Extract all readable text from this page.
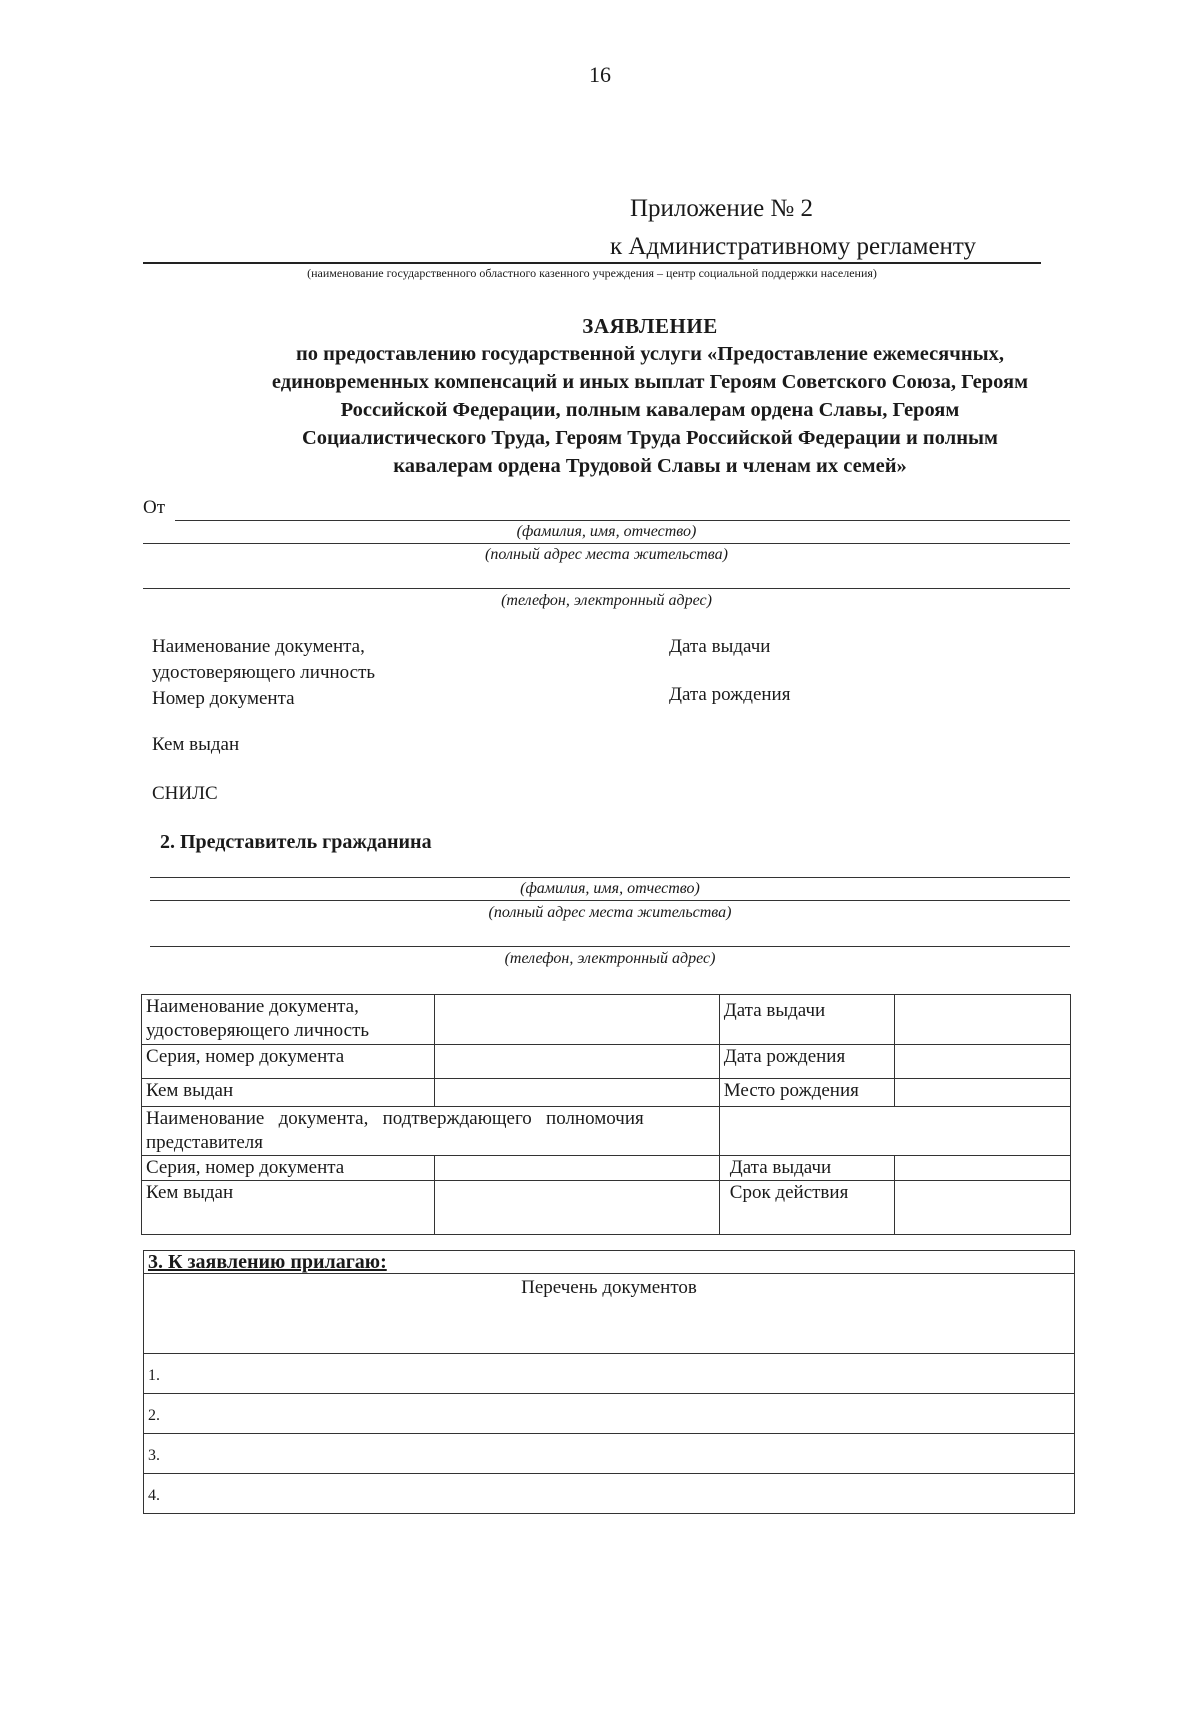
16
Приложение № 2
к Административному регламенту
(наименование государственного областного казенного учреждения – центр социальной поддержки населения)
ЗАЯВЛЕНИЕ
по предоставлению государственной услуги «Предоставление ежемесячных,
единовременных компенсаций и иных выплат Героям Советского Союза, Героям
Российской Федерации, полным кавалерам ордена Славы, Героям
Социалистического Труда, Героям Труда Российской Федерации и полным
кавалерам ордена Трудовой Славы и членам их семей»
От
(фамилия, имя, отчество)
(полный адрес места жительства)
(телефон, электронный адрес)
Наименование документа,
удостоверяющего личность
Номер документа
Дата выдачи
Дата рождения
Кем выдан
СНИЛС
2. Представитель гражданина
(фамилия, имя, отчество)
(полный адрес места жительства)
(телефон, электронный адрес)
Наименование документа,
удостоверяющего личность		Дата выдачи	
Серия, номер документа		Дата рождения	
Кем выдан		Место рождения	

Наименование   документа,   подтверждающего   полномочия
представителя			

Серия, номер документа		Дата выдачи	
Кем выдан		Срок действия	
3. К заявлению прилагаю:
Перечень документов
1.
2.
3.
4.
